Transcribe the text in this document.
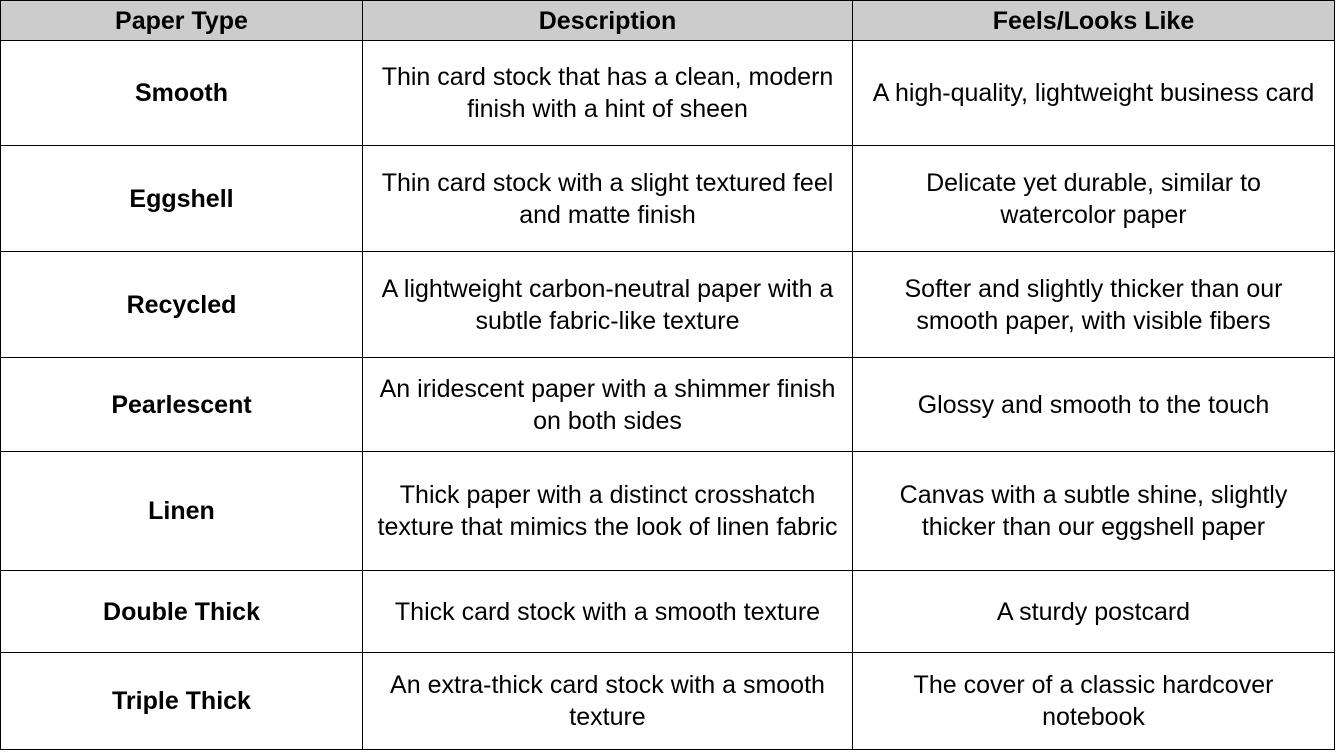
Paper Type	Description	Feels/Looks Like
Smooth	Thin card stock that has a clean, modern finish with a hint of sheen	A high-quality, lightweight business card
Eggshell	Thin card stock with a slight textured feel and matte finish	Delicate yet durable, similar to watercolor paper
Recycled	A lightweight carbon-neutral paper with a subtle fabric-like texture	Softer and slightly thicker than our smooth paper, with visible fibers
Pearlescent	An iridescent paper with a shimmer finish on both sides	Glossy and smooth to the touch
Linen	Thick paper with a distinct crosshatch texture that mimics the look of linen fabric	Canvas with a subtle shine, slightly thicker than our eggshell paper
Double Thick	Thick card stock with a smooth texture	A sturdy postcard
Triple Thick	An extra-thick card stock with a smooth texture	The cover of a classic hardcover notebook
